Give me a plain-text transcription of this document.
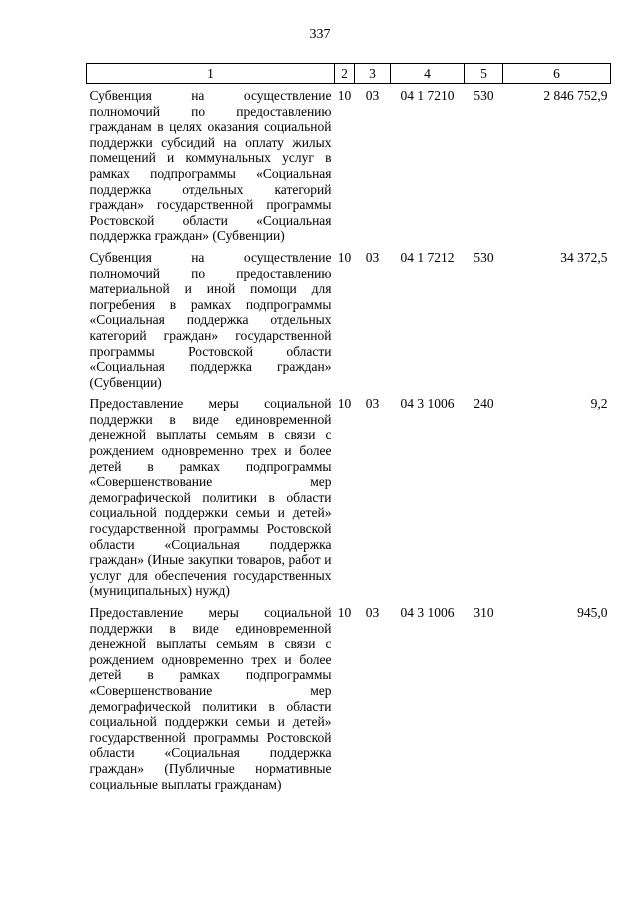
337
1	2	3	4	5	6
Субвенция на осуществление полномочий по предоставлению гражданам в целях оказания социальной поддержки субсидий на оплату жилых помещений и коммунальных услуг в рамках подпрограммы «Социальная поддержка отдельных категорий граждан» государственной программы Ростовской области «Социальная поддержка граждан» (Субвенции)	10	03	04 1 7210	530	2 846 752,9
Субвенция на осуществление полномочий по предоставлению материальной и иной помощи для погребения в рамках подпрограммы «Социальная поддержка отдельных категорий граждан» государственной программы Ростовской области «Социальная поддержка граждан» (Субвенции)	10	03	04 1 7212	530	34 372,5
Предоставление меры социальной поддержки в виде единовременной денежной выплаты семьям в связи с рождением одновременно трех и более детей в рамках подпрограммы «Совершенствование мер демографической политики в области социальной поддержки семьи и детей» государственной программы Ростовской области «Социальная поддержка граждан» (Иные закупки товаров, работ и услуг для обеспечения государственных (муниципальных) нужд)	10	03	04 3 1006	240	9,2
Предоставление меры социальной поддержки в виде единовременной денежной выплаты семьям в связи с рождением одновременно трех и более детей в рамках подпрограммы «Совершенствование мер демографической политики в области социальной поддержки семьи и детей» государственной программы Ростовской области «Социальная поддержка граждан» (Публичные нормативные социальные выплаты гражданам)	10	03	04 3 1006	310	945,0
